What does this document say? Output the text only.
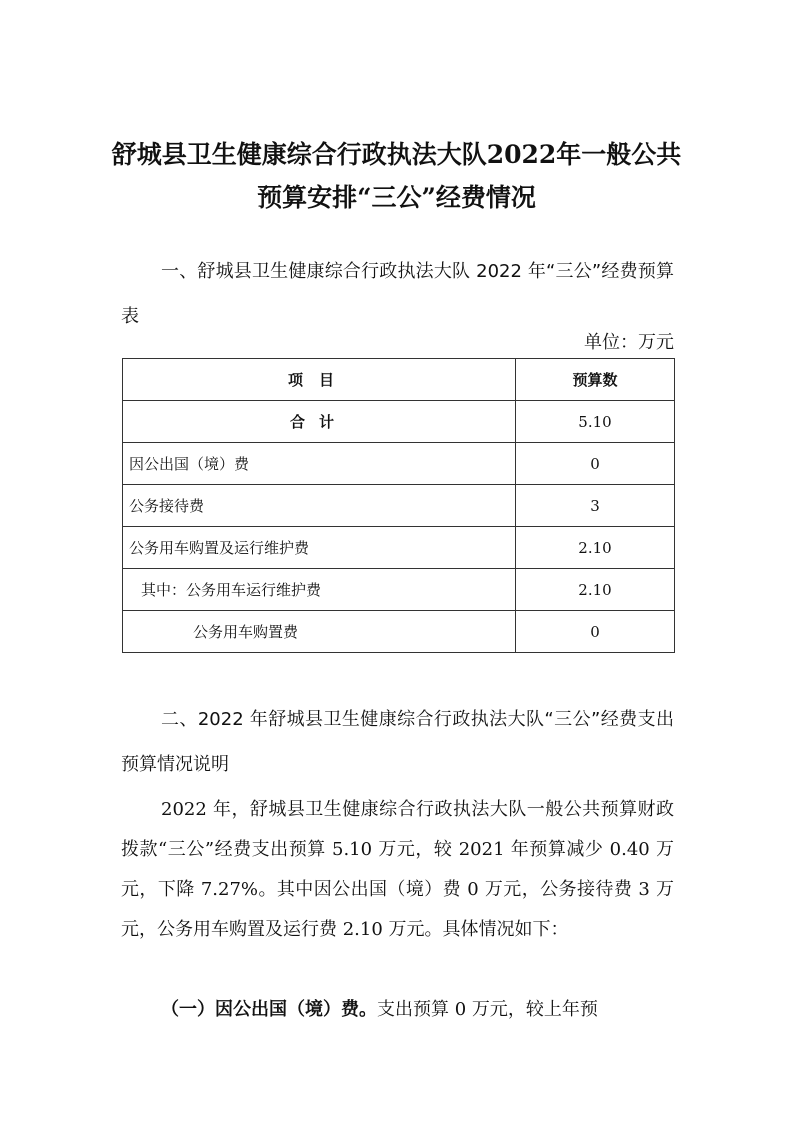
舒城县卫生健康综合行政执法大队2022年一般公共预算安排“三公”经费情况

一、舒城县卫生健康综合行政执法大队 2022 年“三公”经费预算表

单位：万元
项目	预算数
合计	5.10
因公出国（境）费	0
公务接待费	3
公务用车购置及运行维护费	2.10
其中：公务用车运行维护费	2.10
公务用车购置费	0

二、2022 年舒城县卫生健康综合行政执法大队“三公”经费支出预算情况说明

2022 年，舒城县卫生健康综合行政执法大队一般公共预算财政拨款“三公”经费支出预算 5.10 万元，较 2021 年预算减少 0.40 万元，下降 7.27%。其中因公出国（境）费 0 万元，公务接待费 3 万元，公务用车购置及运行费 2.10 万元。具体情况如下：

（一）因公出国（境）费。支出预算 0 万元，较上年预
